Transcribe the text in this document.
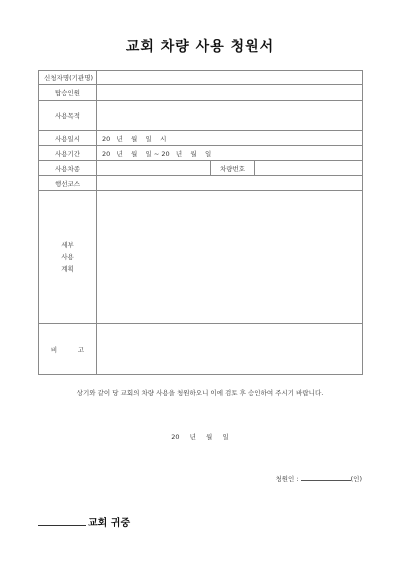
교회 차량 사용 청원서
신청자명(기관명)			
탑승인원			
사용목적			
사용일시	20   년    월    일    시		
사용기간	20   년    월    일 ~ 20   년    월    일		
사용차종		차량번호	
행선코스			

세부
사용
계획			

비          고			
상기와 같이 당 교회의 차량 사용을 청원하오니 이에 검토 후 승인하여 주시기 바랍니다.
20  년  월  일
청원인 :	(인)
교회 귀중
